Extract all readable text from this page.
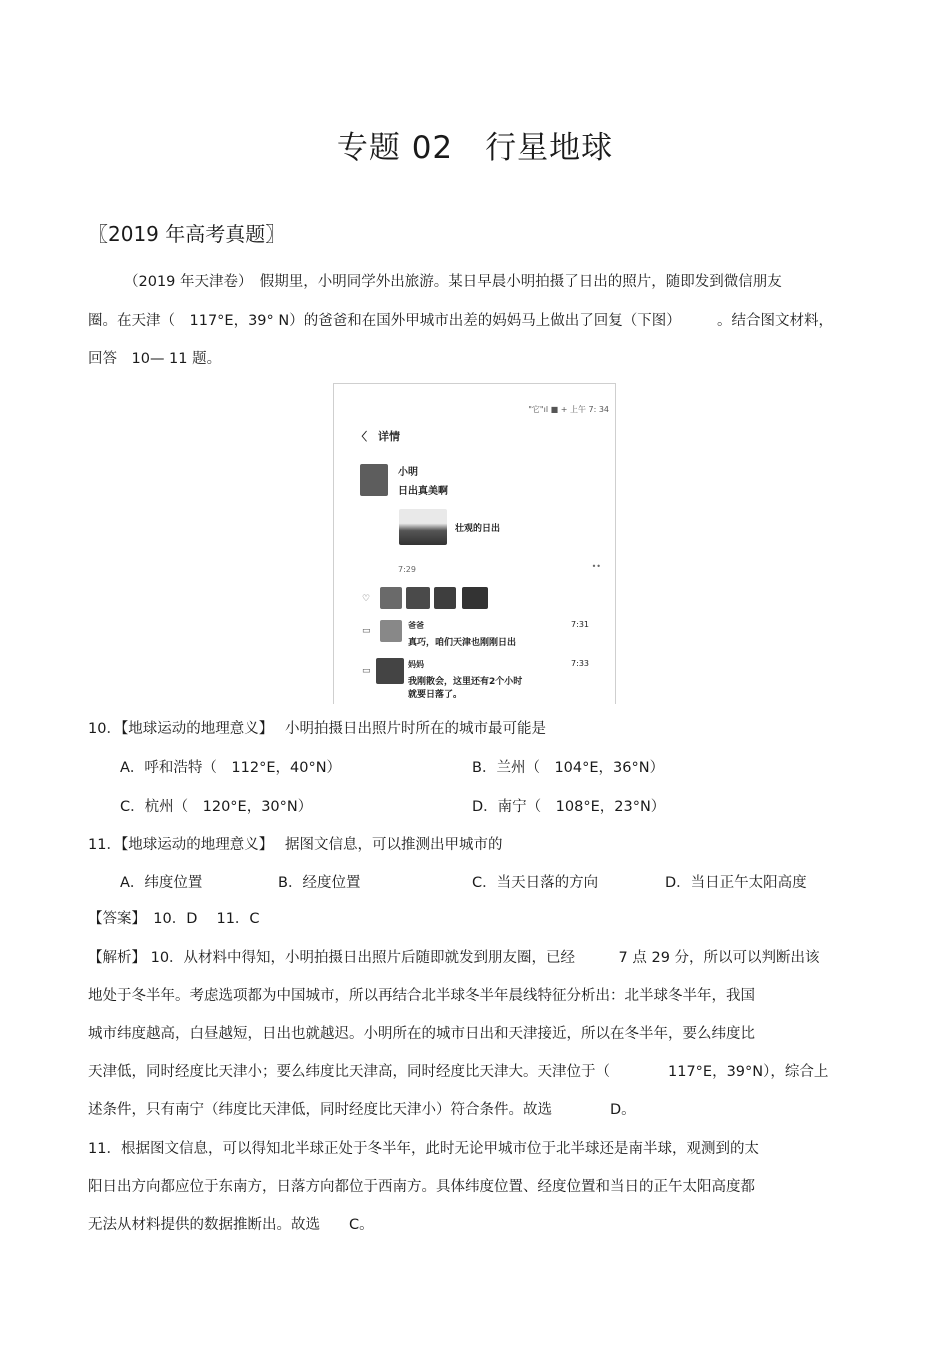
专题 02　行星地球
〖2019 年高考真题〗
（2019 年天津卷）　假期里，小明同学外出旅游。某日早晨小明拍摄了日出的照片，随即发到微信朋友
圈。在天津（　117°E，39° N）的爸爸和在国外甲城市出差的妈妈马上做出了回复（下图）　　　。结合图文材料，
回答　10— 11 题。
"它"ıl ■ + 上午 7: 34
〈　详情
小明
日出真美啊
壮观的日出
7:29	••
♡
▭
爸爸
真巧，咱们天津也刚刚日出
7:31
▭
妈妈
我刚散会，这里还有2个小时
就要日落了。
7:33
10．【地球运动的地理意义】　 小明拍摄日出照片时所在的城市最可能是
A．呼和浩特（　112°E，40°N）	B．兰州（　104°E，36°N）
C．杭州（　120°E，30°N）	D．南宁（　108°E，23°N）
11．【地球运动的地理意义】　 据图文信息，可以推测出甲城市的
A．纬度位置	B．经度位置	C．当天日落的方向	D．当日正午太阳高度
【答案】　10．D　 11．C
【解析】 10．从材料中得知，小明拍摄日出照片后随即就发到朋友圈，已经　　　7 点 29 分，所以可以判断出该
地处于冬半年。考虑选项都为中国城市，所以再结合北半球冬半年晨线特征分析出：北半球冬半年，我国
城市纬度越高，白昼越短，日出也就越迟。小明所在的城市日出和天津接近，所以在冬半年，要么纬度比
天津低，同时经度比天津小；要么纬度比天津高，同时经度比天津大。天津位于（　　　　117°E，39°N），综合上
述条件，只有南宁（纬度比天津低，同时经度比天津小）符合条件。故选　　　　D。
11．根据图文信息，可以得知北半球正处于冬半年，此时无论甲城市位于北半球还是南半球，观测到的太
阳日出方向都应位于东南方，日落方向都位于西南方。具体纬度位置、经度位置和当日的正午太阳高度都
无法从材料提供的数据推断出。故选　　C。
